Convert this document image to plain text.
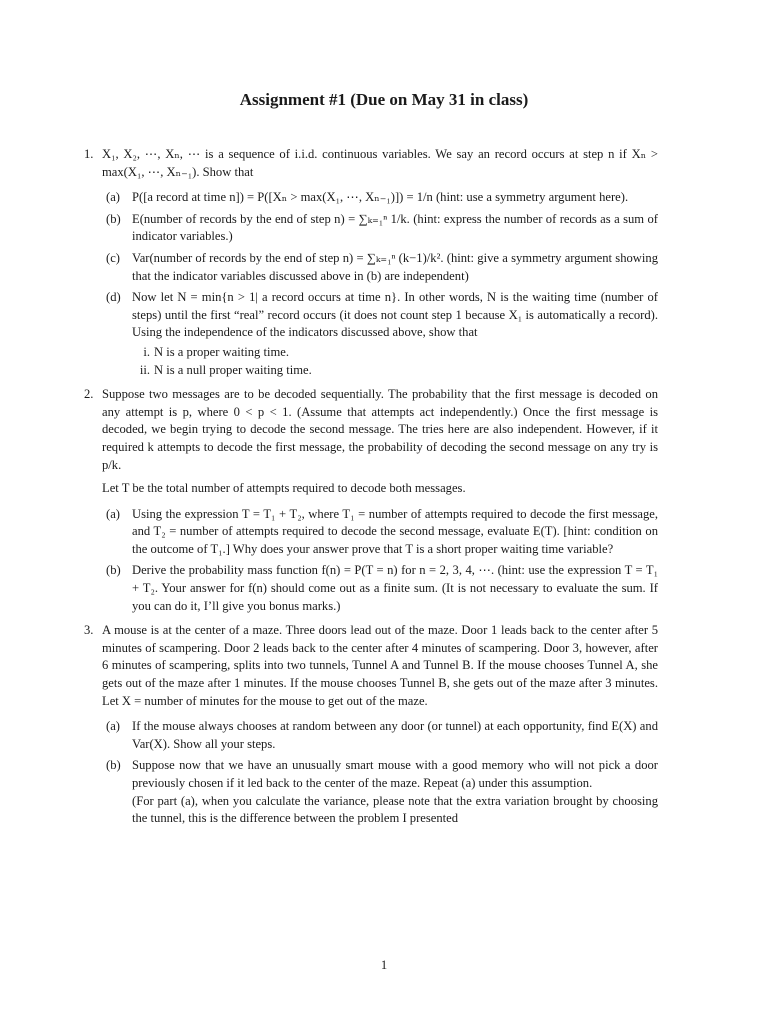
Assignment #1 (Due on May 31 in class)
1. X₁, X₂, ⋯, Xₙ, ⋯ is a sequence of i.i.d. continuous variables. We say an record occurs at step n if Xₙ > max(X₁, ⋯, Xₙ₋₁). Show that

(a) P([a record at time n]) = P([Xₙ > max(X₁, ⋯, Xₙ₋₁)]) = 1/n (hint: use a symmetry argument here).
(b) E(number of records by the end of step n) = ∑ₖ₌₁ⁿ 1/k. (hint: express the number of records as a sum of indicator variables.)
(c) Var(number of records by the end of step n) = ∑ₖ₌₁ⁿ (k−1)/k². (hint: give a symmetry argument showing that the indicator variables discussed above in (b) are independent)
(d) Now let N = min{n > 1| a record occurs at time n}. In other words, N is the waiting time (number of steps) until the first “real” record occurs (it does not count step 1 because X₁ is automatically a record). Using the independence of the indicators discussed above, show that
i. N is a proper waiting time.
ii. N is a null proper waiting time.
2. Suppose two messages are to be decoded sequentially. The probability that the first message is decoded on any attempt is p, where 0 < p < 1. (Assume that attempts act independently.) Once the first message is decoded, we begin trying to decode the second message. The tries here are also independent. However, if it required k attempts to decode the first message, the probability of decoding the second message on any try is p/k.

Let T be the total number of attempts required to decode both messages.

(a) Using the expression T = T₁ + T₂, where T₁ = number of attempts required to decode the first message, and T₂ = number of attempts required to decode the second message, evaluate E(T). [hint: condition on the outcome of T₁.] Why does your answer prove that T is a short proper waiting time variable?
(b) Derive the probability mass function f(n) = P(T = n) for n = 2, 3, 4, ⋯. (hint: use the expression T = T₁ + T₂. Your answer for f(n) should come out as a finite sum. (It is not necessary to evaluate the sum. If you can do it, I’ll give you bonus marks.)
3. A mouse is at the center of a maze. Three doors lead out of the maze. Door 1 leads back to the center after 5 minutes of scampering. Door 2 leads back to the center after 4 minutes of scampering. Door 3, however, after 6 minutes of scampering, splits into two tunnels, Tunnel A and Tunnel B. If the mouse chooses Tunnel A, she gets out of the maze after 1 minutes. If the mouse chooses Tunnel B, she gets out of the maze after 3 minutes. Let X = number of minutes for the mouse to get out of the maze.

(a) If the mouse always chooses at random between any door (or tunnel) at each opportunity, find E(X) and Var(X). Show all your steps.
(b) Suppose now that we have an unusually smart mouse with a good memory who will not pick a door previously chosen if it led back to the center of the maze. Repeat (a) under this assumption.
(For part (a), when you calculate the variance, please note that the extra variation brought by choosing the tunnel, this is the difference between the problem I presented
1
